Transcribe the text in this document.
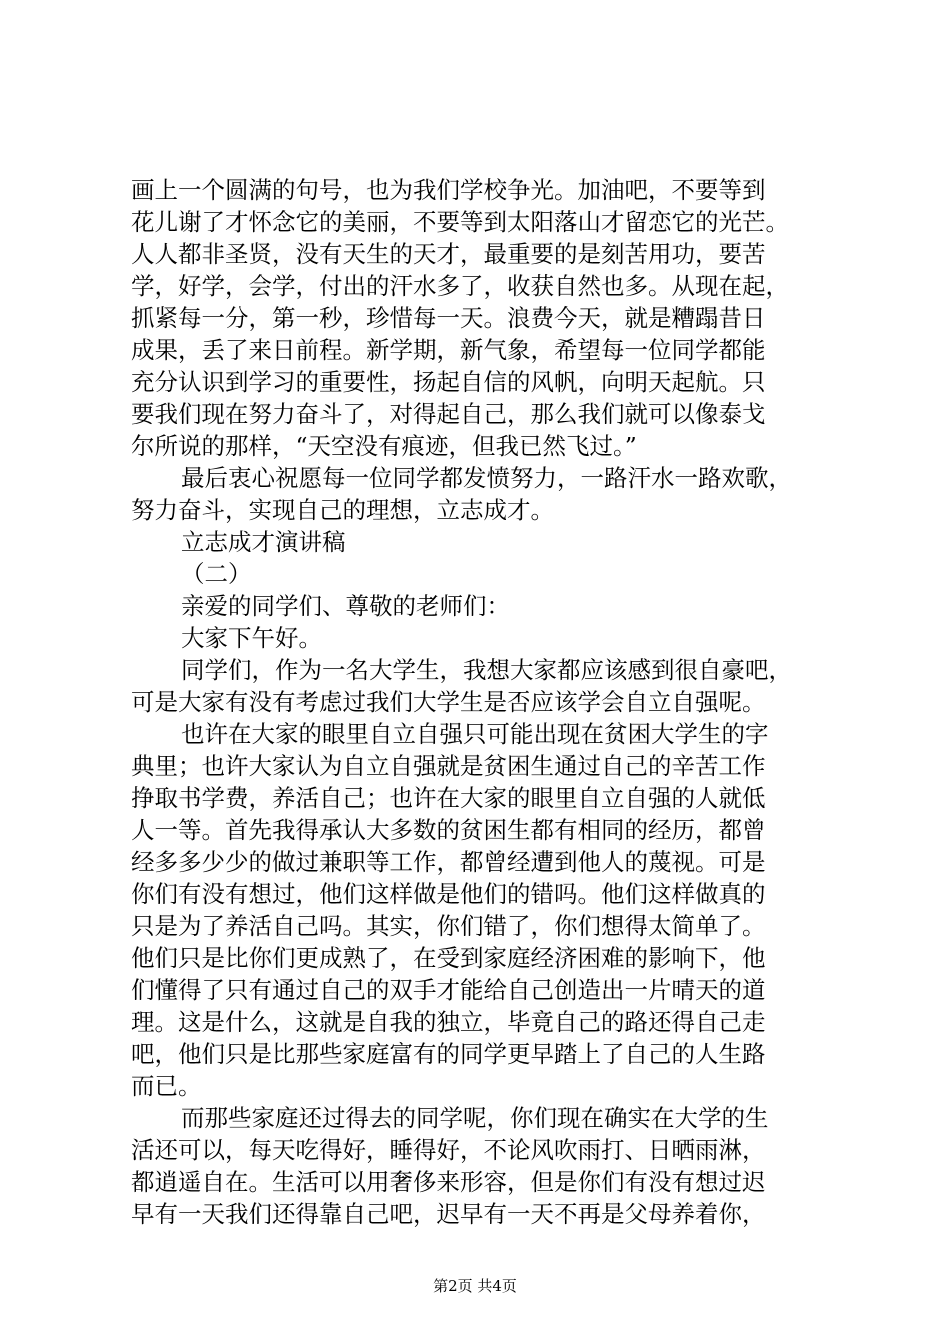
画上一个圆满的句号，也为我们学校争光。加油吧，不要等到
花儿谢了才怀念它的美丽，不要等到太阳落山才留恋它的光芒。
人人都非圣贤，没有天生的天才，最重要的是刻苦用功，要苦
学，好学，会学，付出的汗水多了，收获自然也多。从现在起，
抓紧每一分，第一秒，珍惜每一天。浪费今天，就是糟蹋昔日
成果，丢了来日前程。新学期，新气象，希望每一位同学都能
充分认识到学习的重要性，扬起自信的风帆，向明天起航。只
要我们现在努力奋斗了，对得起自己，那么我们就可以像泰戈
尔所说的那样，“天空没有痕迹，但我已然飞过。”
最后衷心祝愿每一位同学都发愤努力，一路汗水一路欢歌，
努力奋斗，实现自己的理想，立志成才。
立志成才演讲稿
（二）
亲爱的同学们、尊敬的老师们：
大家下午好。
同学们，作为一名大学生，我想大家都应该感到很自豪吧，
可是大家有没有考虑过我们大学生是否应该学会自立自强呢。
也许在大家的眼里自立自强只可能出现在贫困大学生的字
典里；也许大家认为自立自强就是贫困生通过自己的辛苦工作
挣取书学费，养活自己；也许在大家的眼里自立自强的人就低
人一等。首先我得承认大多数的贫困生都有相同的经历，都曾
经多多少少的做过兼职等工作，都曾经遭到他人的蔑视。可是
你们有没有想过，他们这样做是他们的错吗。他们这样做真的
只是为了养活自己吗。其实，你们错了，你们想得太简单了。
他们只是比你们更成熟了，在受到家庭经济困难的影响下，他
们懂得了只有通过自己的双手才能给自己创造出一片晴天的道
理。这是什么，这就是自我的独立，毕竟自己的路还得自己走
吧，他们只是比那些家庭富有的同学更早踏上了自己的人生路
而已。
而那些家庭还过得去的同学呢，你们现在确实在大学的生
活还可以，每天吃得好，睡得好，不论风吹雨打、日晒雨淋，
都逍遥自在。生活可以用奢侈来形容，但是你们有没有想过迟
早有一天我们还得靠自己吧，迟早有一天不再是父母养着你，
第2页 共4页
